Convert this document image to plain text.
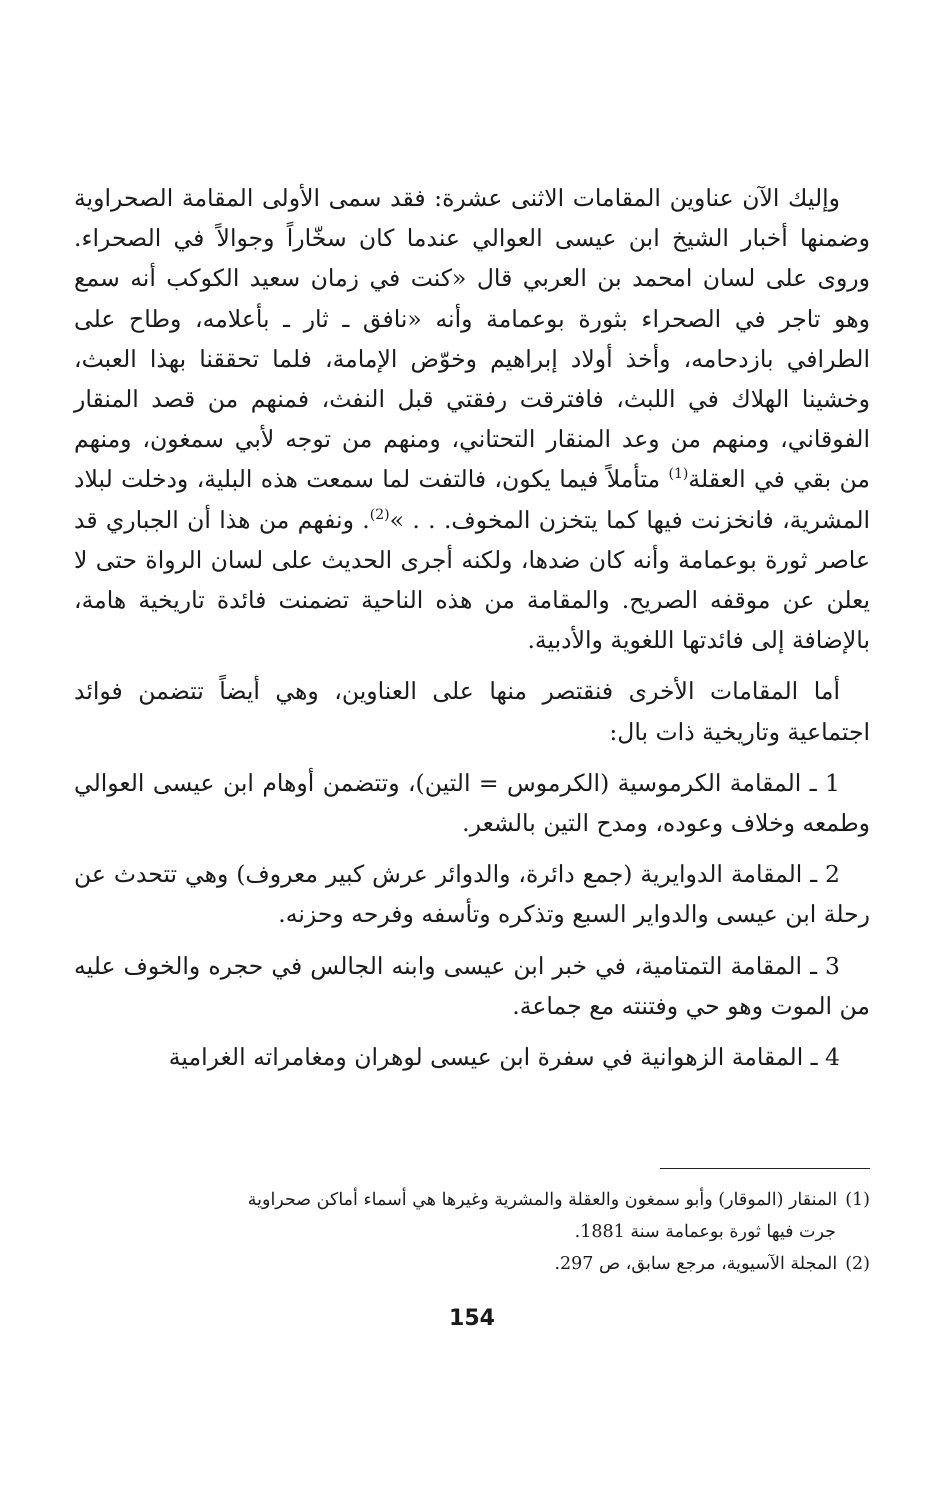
وإليك الآن عناوين المقامات الاثنى عشرة: فقد سمى الأولى المقامة الصحراوية وضمنها أخبار الشيخ ابن عيسى العوالي عندما كان سخّاراً وجوالاً في الصحراء. وروى على لسان امحمد بن العربي قال «كنت في زمان سعيد الكوكب أنه سمع وهو تاجر في الصحراء بثورة بوعمامة وأنه «نافق ـ ثار ـ بأعلامه، وطاح على الطرافي بازدحامه، وأخذ أولاد إبراهيم وخوّض الإمامة، فلما تحققنا بهذا العبث، وخشينا الهلاك في اللبث، فافترقت رفقتي قبل النفث، فمنهم من قصد المنقار الفوقاني، ومنهم من وعد المنقار التحتاني، ومنهم من توجه لأبي سمغون، ومنهم من بقي في العقلة$^{(1)}$ متأملاً فيما يكون، فالتفت لما سمعت هذه البلية، ودخلت لبلاد المشرية، فانخزنت فيها كما يتخزن المخوف. . . »$^{(2)}$. ونفهم من هذا أن الجباري قد عاصر ثورة بوعمامة وأنه كان ضدها، ولكنه أجرى الحديث على لسان الرواة حتى لا يعلن عن موقفه الصريح. والمقامة من هذه الناحية تضمنت فائدة تاريخية هامة، بالإضافة إلى فائدتها اللغوية والأدبية.

أما المقامات الأخرى فنقتصر منها على العناوين، وهي أيضاً تتضمن فوائد اجتماعية وتاريخية ذات بال:

1 ـ المقامة الكرموسية (الكرموس = التين)، وتتضمن أوهام ابن عيسى العوالي وطمعه وخلاف وعوده، ومدح التين بالشعر.

2 ـ المقامة الدوايرية (جمع دائرة، والدوائر عرش كبير معروف) وهي تتحدث عن رحلة ابن عيسى والدواير السبع وتذكره وتأسفه وفرحه وحزنه.

3 ـ المقامة التمتامية، في خبر ابن عيسى وابنه الجالس في حجره والخوف عليه من الموت وهو حي وفتنته مع جماعة.

4 ـ المقامة الزهوانية في سفرة ابن عيسى لوهران ومغامراته الغرامية

(1)المنقار (الموقار) وأبو سمغون والعقلة والمشرية وغيرها هي أسماء أماكن صحراوية
جرت فيها ثورة بوعمامة سنة 1881.

(2)المجلة الآسيوية، مرجع سابق، ص 297.

154
